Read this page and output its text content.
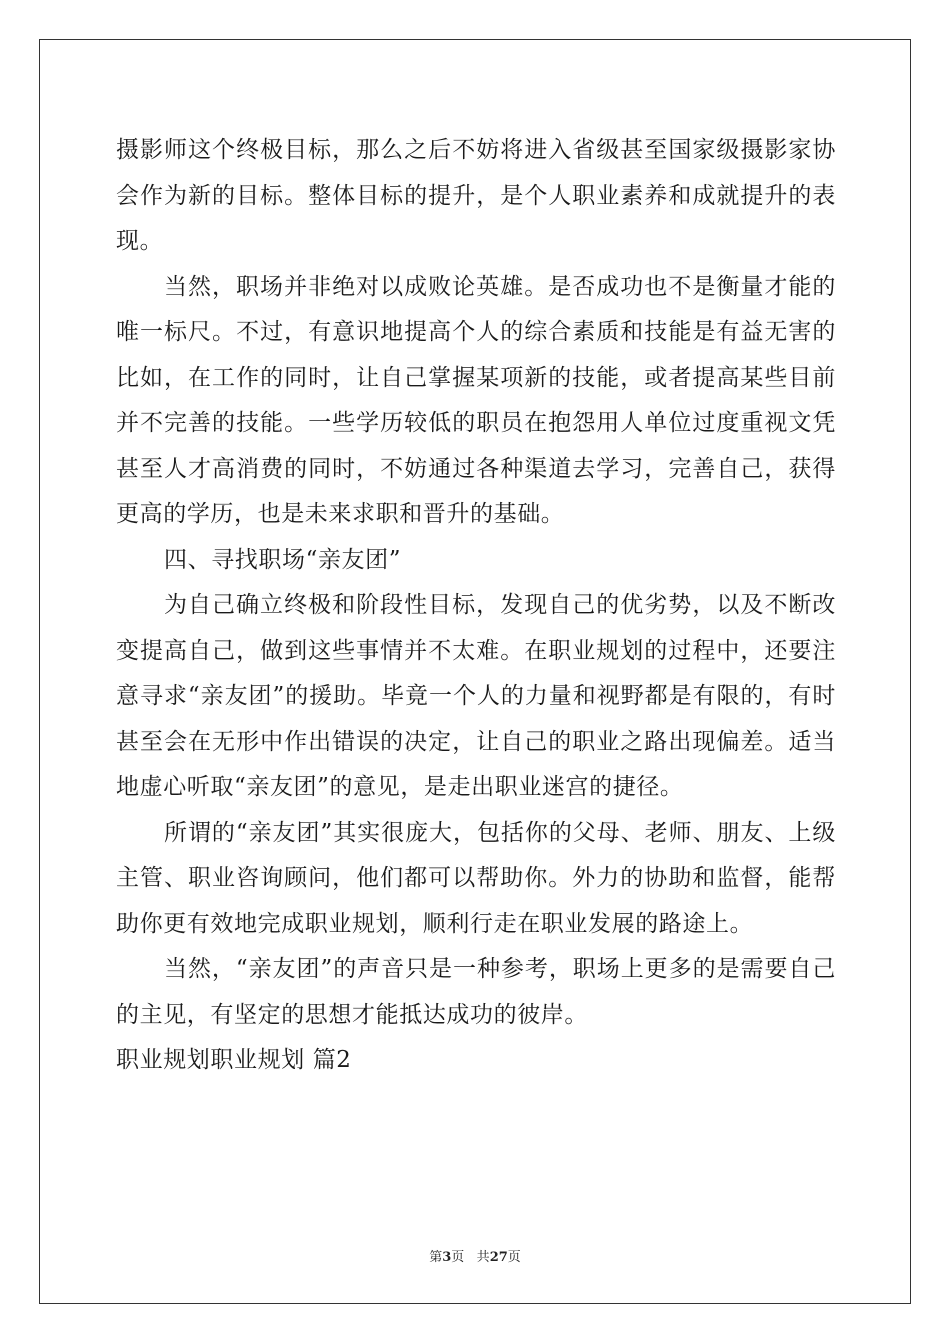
摄影师这个终极目标，那么之后不妨将进入省级甚至国家级摄影家协会作为新的目标。整体目标的提升，是个人职业素养和成就提升的表现。

当然，职场并非绝对以成败论英雄。是否成功也不是衡量才能的唯一标尺。不过，有意识地提高个人的综合素质和技能是有益无害的比如，在工作的同时，让自己掌握某项新的技能，或者提高某些目前并不完善的技能。一些学历较低的职员在抱怨用人单位过度重视文凭甚至人才高消费的同时，不妨通过各种渠道去学习，完善自己，获得更高的学历，也是未来求职和晋升的基础。

四、寻找职场“亲友团”

为自己确立终极和阶段性目标，发现自己的优劣势，以及不断改变提高自己，做到这些事情并不太难。在职业规划的过程中，还要注意寻求“亲友团”的援助。毕竟一个人的力量和视野都是有限的，有时甚至会在无形中作出错误的决定，让自己的职业之路出现偏差。适当地虚心听取“亲友团”的意见，是走出职业迷宫的捷径。

所谓的“亲友团”其实很庞大，包括你的父母、老师、朋友、上级主管、职业咨询顾问，他们都可以帮助你。外力的协助和监督，能帮助你更有效地完成职业规划，顺利行走在职业发展的路途上。

当然，“亲友团”的声音只是一种参考，职场上更多的是需要自己的主见，有坚定的思想才能抵达成功的彼岸。

职业规划职业规划 篇2

第3页 共27页
